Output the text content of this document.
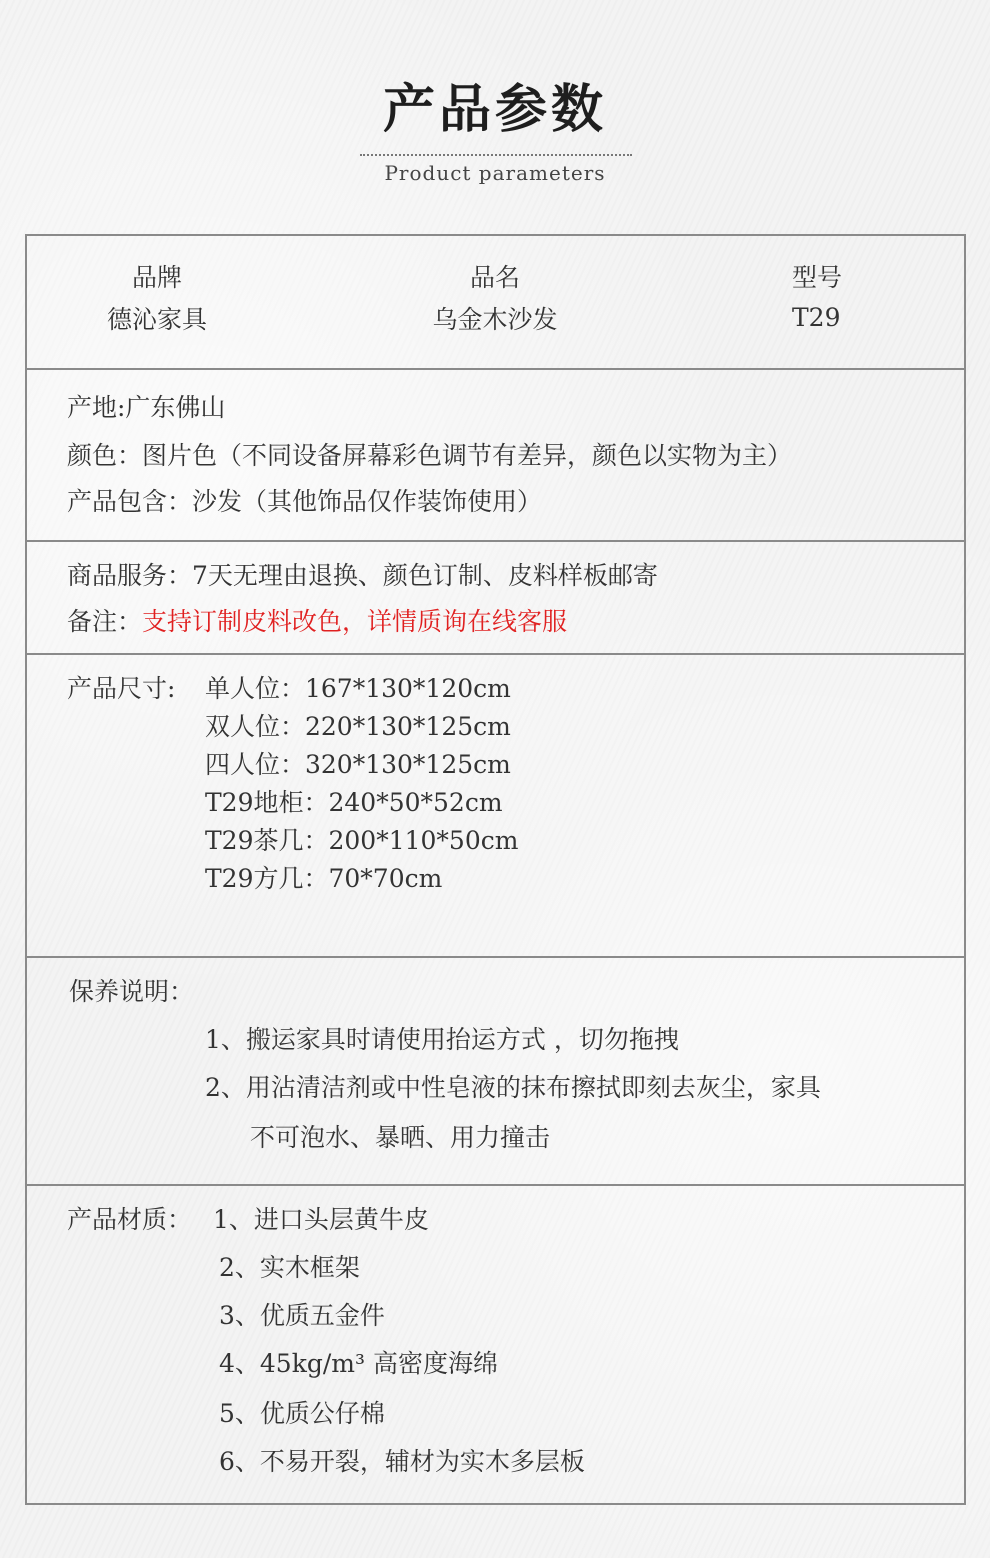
产品参数
Product parameters
品牌
德沁家具
品名
乌金木沙发
型号
T29
产地:广东佛山
颜色：图片色（不同设备屏幕彩色调节有差异，颜色以实物为主）
产品包含：沙发（其他饰品仅作装饰使用）
商品服务：7天无理由退换、颜色订制、皮料样板邮寄
备注：支持订制皮料改色，详情质询在线客服
产品尺寸: 单人位：167*130*120cm
双人位：220*130*125cm
四人位：320*130*125cm
T29地柜：240*50*52cm
T29茶几：200*110*50cm
T29方几：70*70cm
保养说明：
1、搬运家具时请使用抬运方式 ，切勿拖拽
2、用沾清洁剂或中性皂液的抹布擦拭即刻去灰尘，家具
不可泡水、暴晒、用力撞击
产品材质： 1、进口头层黄牛皮
2、实木框架
3、优质五金件
4、45kg/m³ 高密度海绵
5、优质公仔棉
6、不易开裂，辅材为实木多层板
